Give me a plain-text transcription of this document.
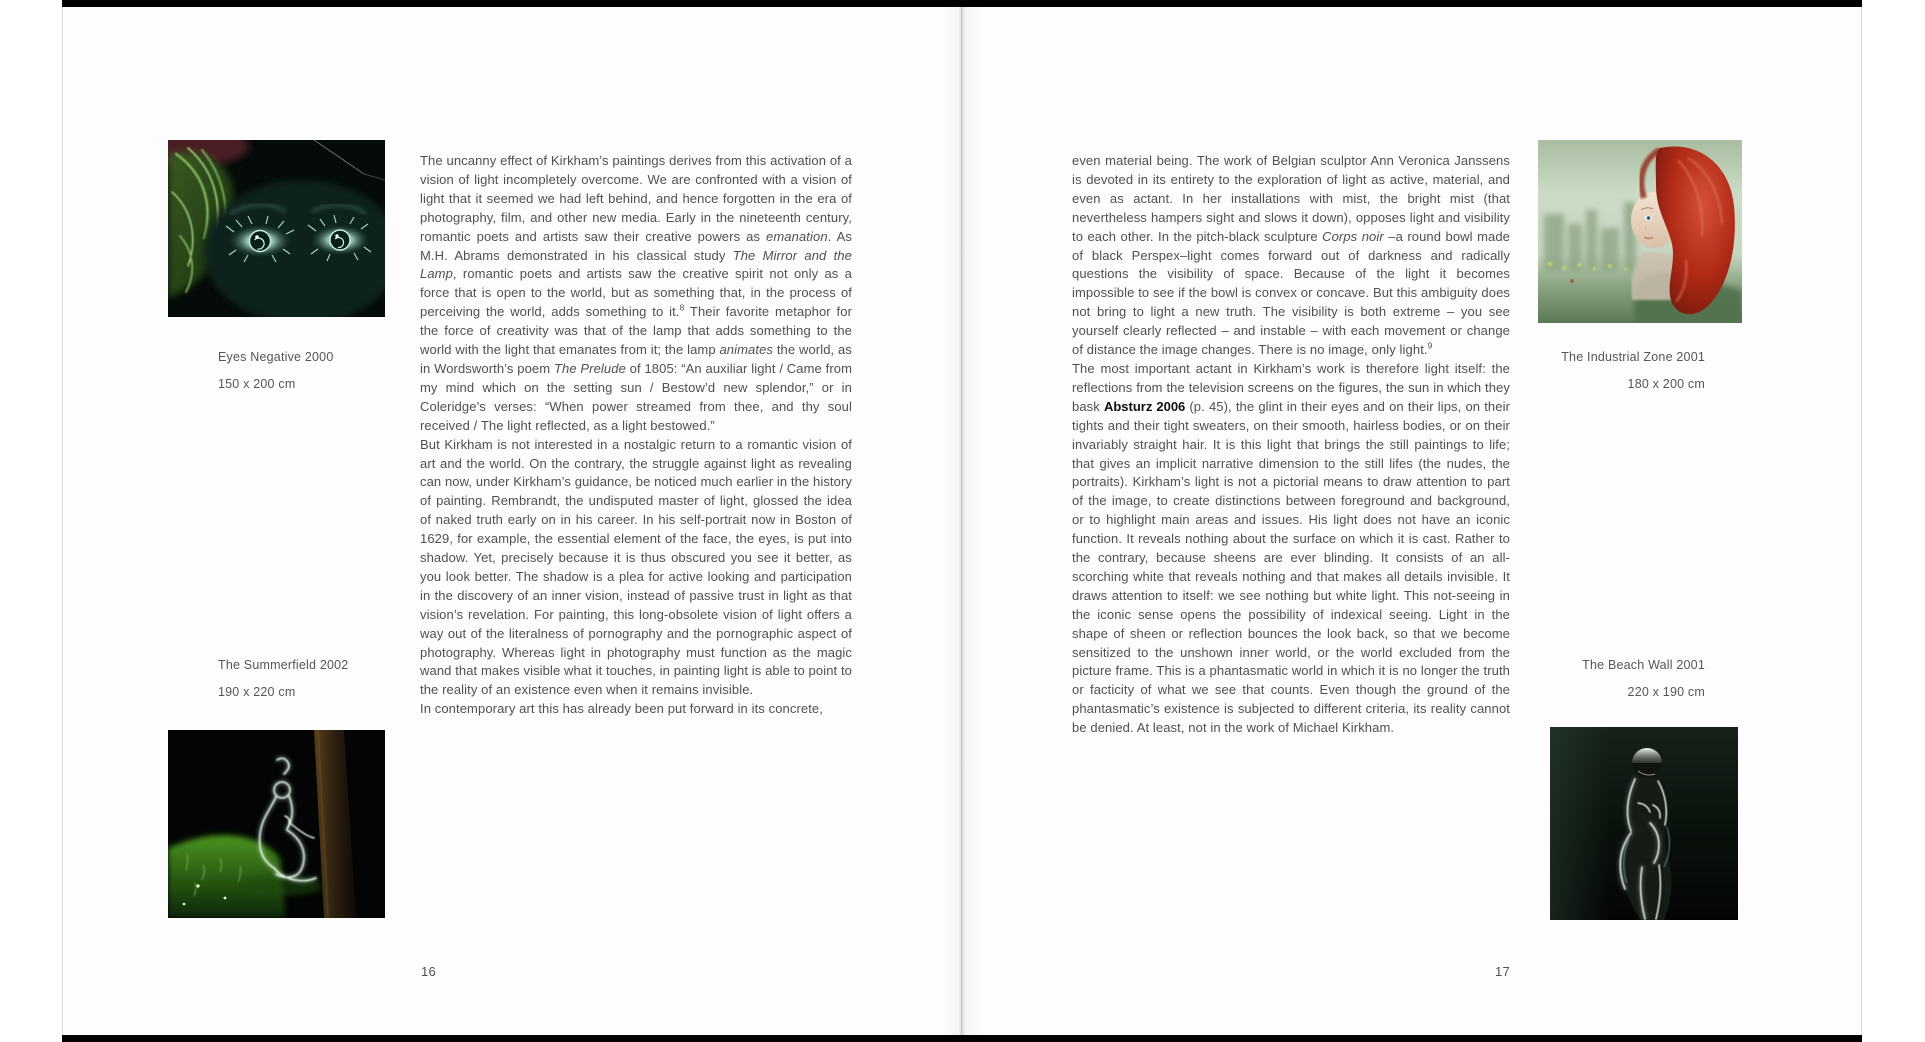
Eyes Negative 2000
150 x 200 cm
The Summerfield 2002
190 x 220 cm

The uncanny effect of Kirkham’s paintings derives from this activation of a vision of light incompletely overcome. We are confronted with a vision of light that it seemed we had left behind, and hence forgotten in the era of photography, film, and other new media. Early in the nineteenth century, romantic poets and artists saw their creative powers as emanation. As M.H. Abrams demonstrated in his classical study The Mirror and the Lamp, romantic poets and artists saw the creative spirit not only as a force that is open to the world, but as something that, in the process of perceiving the world, adds something to it.$^8$ Their favorite metaphor for the force of creativity was that of the lamp that adds something to the world with the light that emanates from it; the lamp animates the world, as in Wordsworth’s poem The Prelude of 1805: “An auxiliar light / Came from my mind which on the setting sun / Bestow’d new splendor,” or in Coleridge’s verses: “When power streamed from thee, and thy soul received / The light reflected, as a light bestowed.”

But Kirkham is not interested in a nostalgic return to a romantic vision of art and the world. On the contrary, the struggle against light as revealing can now, under Kirkham’s guidance, be noticed much earlier in the history of painting. Rembrandt, the undisputed master of light, glossed the idea of naked truth early on in his career. In his self-portrait now in Boston of 1629, for example, the essential element of the face, the eyes, is put into shadow. Yet, precisely because it is thus obscured you see it better, as you look better. The shadow is a plea for active looking and participation in the discovery of an inner vision, instead of passive trust in light as that vision’s revelation. For painting, this long-obsolete vision of light offers a way out of the literalness of pornography and the pornographic aspect of photography. Whereas light in photography must function as the magic wand that makes visible what it touches, in painting light is able to point to the reality of an existence even when it remains invisible.

In contemporary art this has already been put forward in its concrete,

16

even material being. The work of Belgian sculptor Ann Veronica Janssens is devoted in its entirety to the exploration of light as active, material, and even as actant. In her installations with mist, the bright mist (that nevertheless hampers sight and slows it down), opposes light and visibility to each other. In the pitch-black sculpture Corps noir –a round bowl made of black Perspex–light comes forward out of darkness and radically questions the visibility of space. Because of the light it becomes impossible to see if the bowl is convex or concave. But this ambiguity does not bring to light a new truth. The visibility is both extreme – you see yourself clearly reflected – and instable – with each movement or change of distance the image changes. There is no image, only light.$^9$

The most important actant in Kirkham’s work is therefore light itself: the reflections from the television screens on the figures, the sun in which they bask Absturz 2006 (p. 45), the glint in their eyes and on their lips, on their tights and their tight sweaters, on their smooth, hairless bodies, or on their invariably straight hair. It is this light that brings the still paintings to life; that gives an implicit narrative dimension to the still lifes (the nudes, the portraits). Kirkham’s light is not a pictorial means to draw attention to part of the image, to create distinctions between foreground and background, or to highlight main areas and issues. His light does not have an iconic function. It reveals nothing about the surface on which it is cast. Rather to the contrary, because sheens are ever blinding. It consists of an all-scorching white that reveals nothing and that makes all details invisible. It draws attention to itself: we see nothing but white light. This not-seeing in the iconic sense opens the possibility of indexical seeing. Light in the shape of sheen or reflection bounces the look back, so that we become sensitized to the unshown inner world, or the world excluded from the picture frame. This is a phantasmatic world in which it is no longer the truth or facticity of what we see that counts. Even though the ground of the phantasmatic’s existence is subjected to different criteria, its reality cannot be denied. At least, not in the work of Michael Kirkham.

The Industrial Zone 2001
180 x 200 cm
The Beach Wall 2001
220 x 190 cm
17
